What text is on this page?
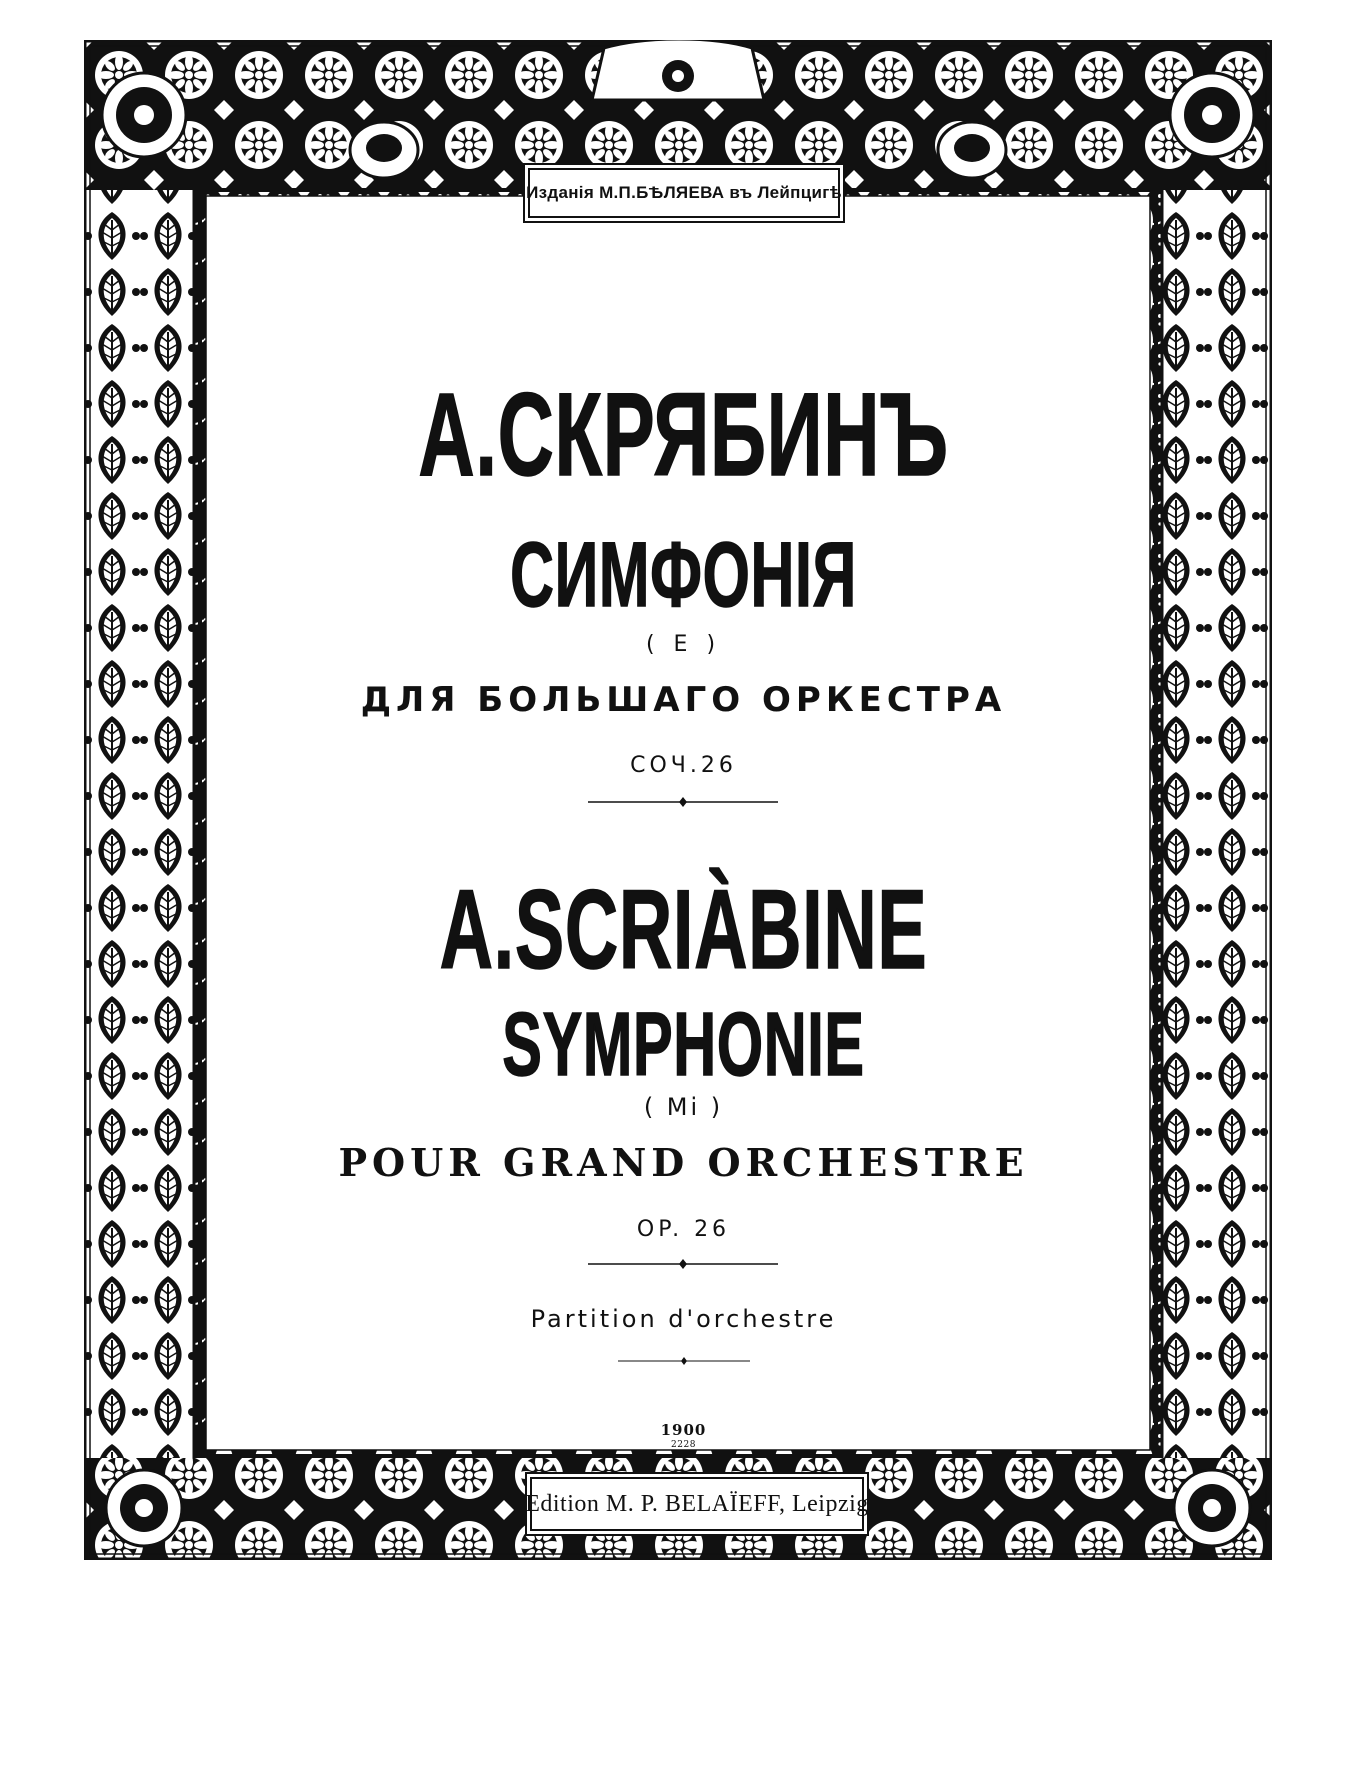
Изданія М.П.БѢЛЯЕВА въ Лейпцигѣ

А.СКРЯБИНЪ

СИМФОНІЯ

( Е )

ДЛЯ БОЛЬШАГО ОРКЕСТРА

СОЧ.26

A.SCRIÀBINE

SYMPHONIE

( Mi )

POUR GRAND ORCHESTRE

OP. 26

Partition d'orchestre

1900

2228

Edition M. P. BELAÏEFF, Leipzig
